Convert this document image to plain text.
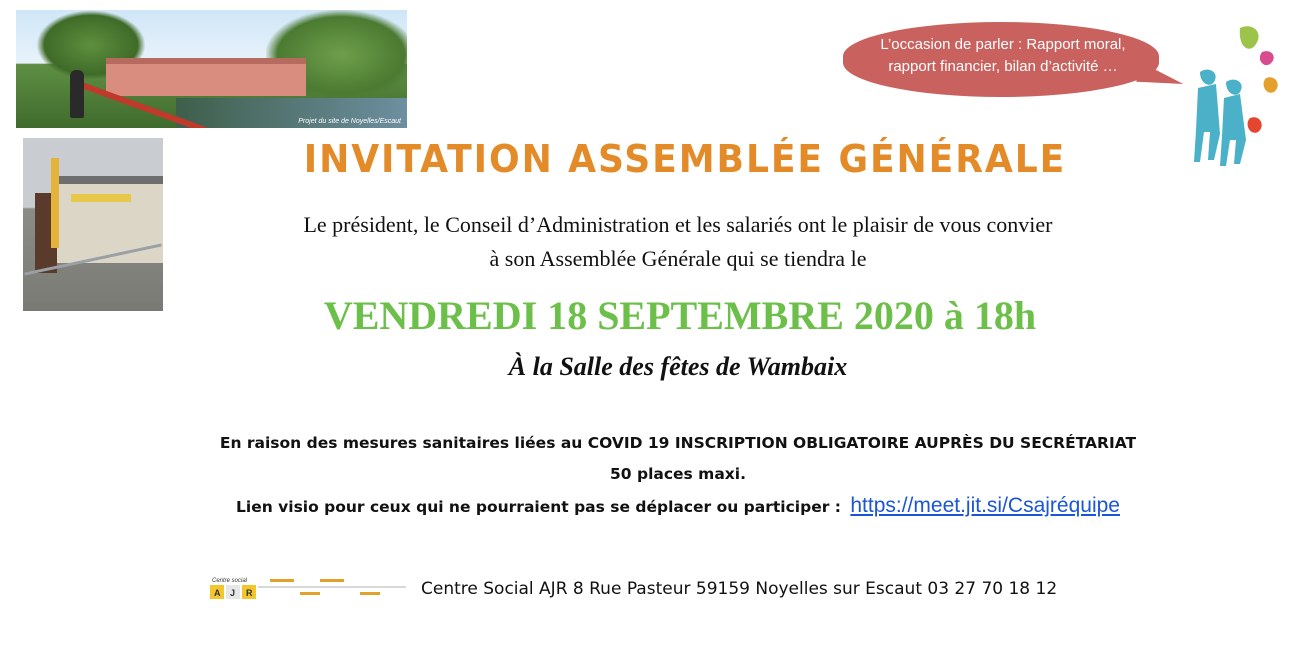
Projet du site de Noyelles/Escaut
L’occasion de parler : Rapport moral,
rapport financier, bilan d’activité …
INVITATION ASSEMBLÉE GÉNÉRALE
Le président, le Conseil d’Administration et les salariés ont le plaisir de vous convier
à son Assemblée Générale qui se tiendra le
VENDREDI 18 SEPTEMBRE 2020 à 18h
À la Salle des fêtes de Wambaix
En raison des mesures sanitaires liées au COVID 19 INSCRIPTION OBLIGATOIRE AUPRÈS DU SECRÉTARIAT
50 places maxi.
Lien visio pour ceux qui ne pourraient pas se déplacer ou participer : https://meet.jit.si/Csajréquipe
Centre social
A J R	Centre Social AJR 8 Rue Pasteur 59159 Noyelles sur Escaut 03 27 70 18 12
